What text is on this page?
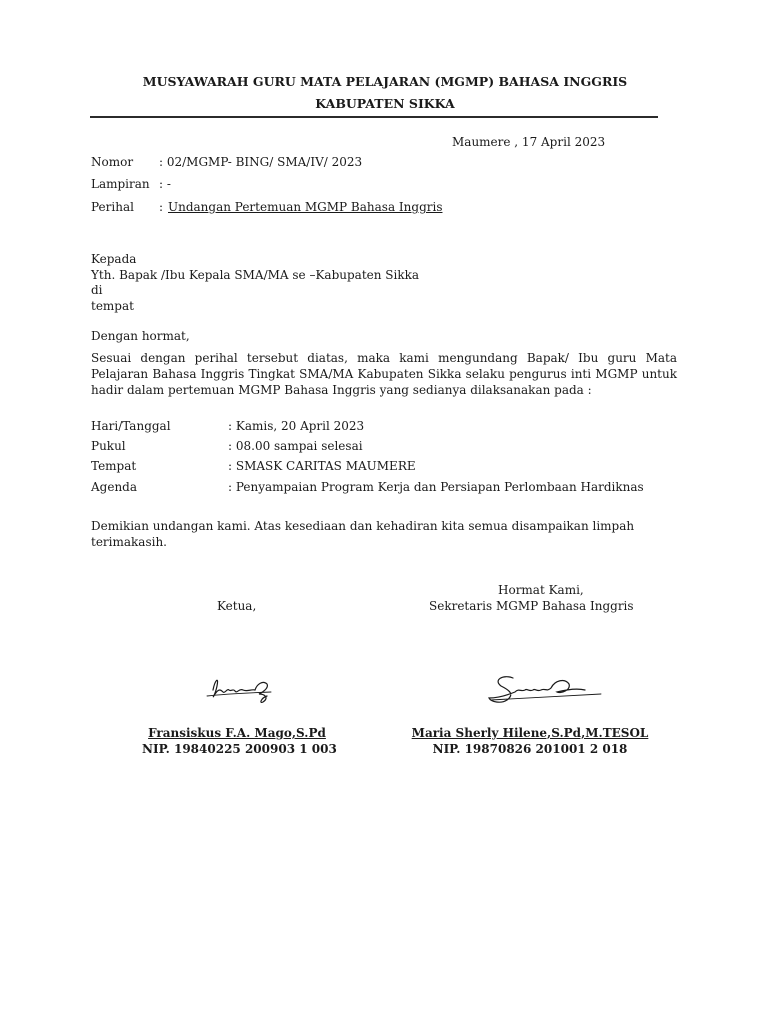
MUSYAWARAH GURU MATA PELAJARAN (MGMP) BAHASA INGGRIS
KABUPATEN SIKKA
Maumere , 17 April 2023
Nomor : 02/MGMP- BING/ SMA/IV/ 2023
Lampiran : -
Perihal : Undangan Pertemuan MGMP Bahasa Inggris
Kepada
Yth. Bapak /Ibu Kepala SMA/MA se –Kabupaten Sikka
di
tempat
Dengan hormat,
Sesuai dengan perihal tersebut diatas, maka kami mengundang Bapak/ Ibu guru Mata Pelajaran Bahasa Inggris Tingkat SMA/MA Kabupaten Sikka selaku pengurus inti MGMP untuk hadir dalam pertemuan MGMP Bahasa Inggris yang sedianya dilaksanakan pada :
Hari/Tanggal	: Kamis, 20 April 2023
Pukul	: 08.00 sampai selesai
Tempat	: SMASK CARITAS MAUMERE
Agenda	: Penyampaian Program Kerja dan Persiapan Perlombaan Hardiknas
Demikian undangan kami. Atas kesediaan dan kehadiran kita semua disampaikan limpah terimakasih.
Hormat Kami,
Ketua,	Sekretaris MGMP Bahasa Inggris
Fransiskus F.A. Mago,S.Pd
NIP. 19840225 200903 1 003
Maria Sherly Hilene,S.Pd,M.TESOL
NIP. 19870826 201001 2 018
